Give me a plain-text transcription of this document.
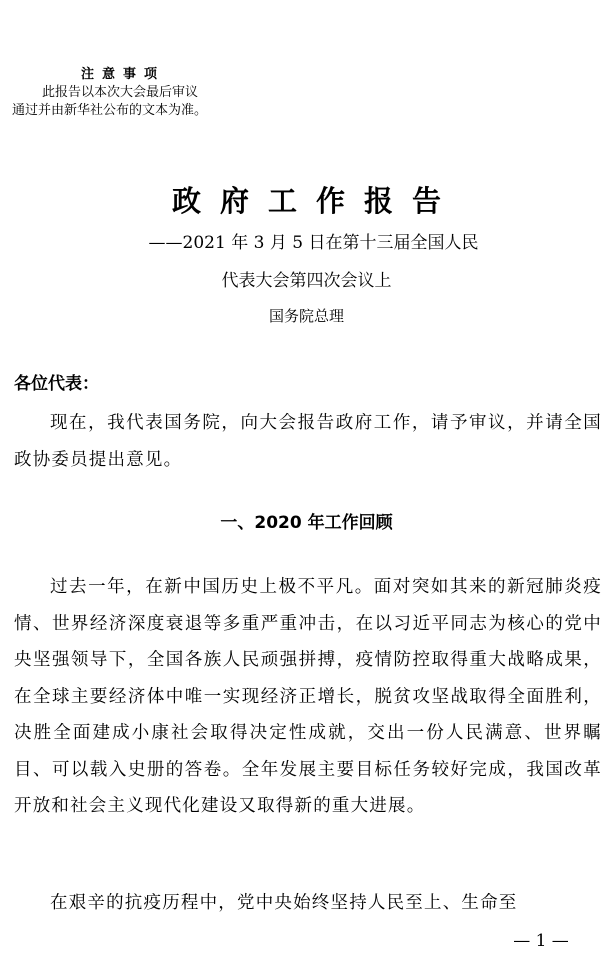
注意事项
此报告以本次大会最后审议
通过并由新华社公布的文本为准。
政府工作报告
——2021 年 3 月 5 日在第十三届全国人民
代表大会第四次会议上
国务院总理
各位代表：
现在，我代表国务院，向大会报告政府工作，请予审议，并请全国政协委员提出意见。
一、2020 年工作回顾
过去一年，在新中国历史上极不平凡。面对突如其来的新冠肺炎疫情、世界经济深度衰退等多重严重冲击，在以习近平同志为核心的党中央坚强领导下，全国各族人民顽强拼搏，疫情防控取得重大战略成果，在全球主要经济体中唯一实现经济正增长，脱贫攻坚战取得全面胜利，决胜全面建成小康社会取得决定性成就，交出一份人民满意、世界瞩目、可以载入史册的答卷。全年发展主要目标任务较好完成，我国改革开放和社会主义现代化建设又取得新的重大进展。
在艰辛的抗疫历程中，党中央始终坚持人民至上、生命至
— 1 —
